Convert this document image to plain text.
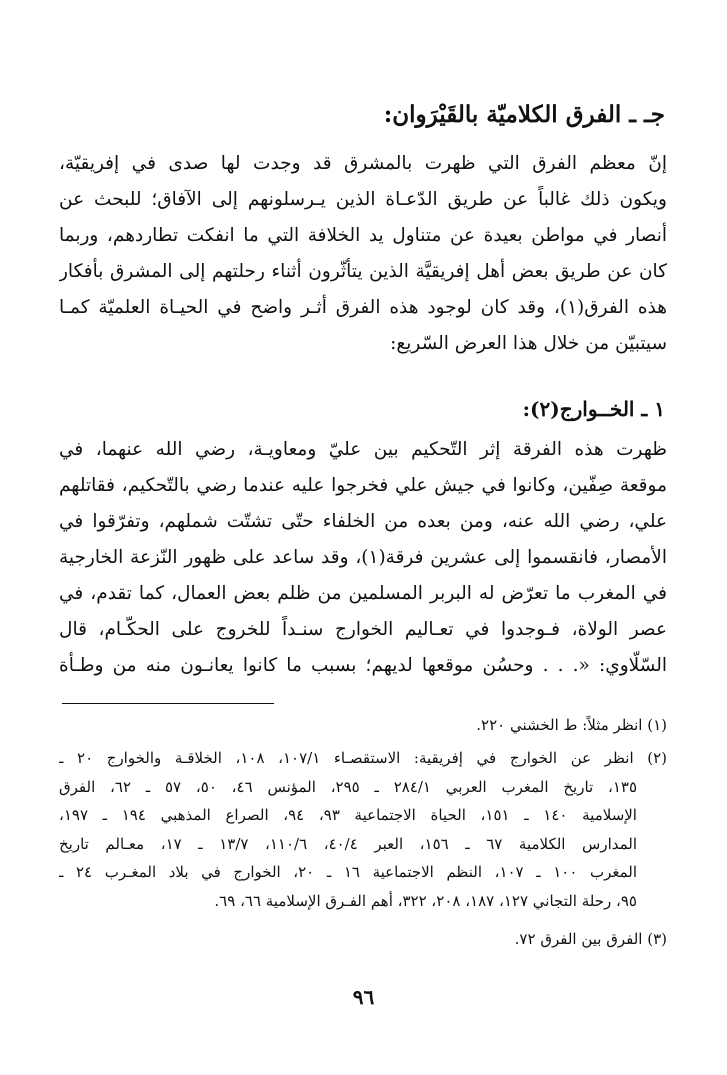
جـ ـ الفرق الكلاميّة بالقَيْرَوان:
إنّ معظم الفرق التي ظهرت بالمشرق قد وجدت لها صدى في إفريقيّة،
ويكون ذلك غالباً عن طريق الدّعـاة الذين يـرسلونهم إلى الآفاق؛ للبحث عن
أنصار في مواطن بعيدة عن متناول يد الخلافة التي ما انفكت تطاردهم، وربما
كان عن طريق بعض أهل إفريقيَّة الذين يتأثّرون أثناء رحلتهم إلى المشرق بأفكار
هذه الفرق(١)، وقد كان لوجود هذه الفرق أثـر واضح في الحيـاة العلميّة كمـا
سيتبيّن من خلال هذا العرض السّريع:
١ ـ الخــوارج(٢):
ظهرت هذه الفرقة إثر التّحكيم بين عليّ ومعاويـة، رضي الله عنهما، في
موقعة صِفّين، وكانوا في جيش علي فخرجوا عليه عندما رضي بالتّحكيم، فقاتلهم
علي، رضي الله عنه، ومن بعده من الخلفاء حتّى تشتّت شملهم، وتفرّقوا في
الأمصار، فانقسموا إلى عشرين فرقة(١)، وقد ساعد على ظهور النّزعة الخارجية
في المغرب ما تعرّض له البربر المسلمين من ظلم بعض العمال، كما تقدم، في
عصر الولاة، فـوجدوا في تعـاليم الخوارج سنـداً للخروج على الحكّـام، قال
السّلّاوي: «. . . وحسُن موقعها لديهم؛ بسبب ما كانوا يعانـون منه من وطـأة
(١) انظر مثلاً: ط الخشني ٢٢٠.
(٢) انظر عن الخوارج في إفريقية: الاستقصـاء ١٠٧/١، ١٠٨، الخلاقـة والخوارج ٢٠ ـ
١٣٥، تاريخ المغرب العربي ٢٨٤/١ ـ ٢٩٥، المؤنس ٤٦، ٥٠، ٥٧ ـ ٦٢، الفرق
الإسلامية ١٤٠ ـ ١٥١، الحياة الاجتماعية ٩٣، ٩٤، الصراع المذهبي ١٩٤ ـ ١٩٧،
المدارس الكلامية ٦٧ ـ ١٥٦، العبر ٤٠/٤، ١١٠/٦، ١٣/٧ ـ ١٧، معـالم تاريخ
المغرب ١٠٠ ـ ١٠٧، النظم الاجتماعية ١٦ ـ ٢٠، الخوارج في بلاد المغـرب ٢٤ ـ
٩٥، رحلة التجاني ١٢٧، ١٨٧، ٢٠٨، ٣٢٢، أهم الفـرق الإسلامية ٦٦، ٦٩.
(٣) الفرق بين الفرق ٧٢.
٩٦
